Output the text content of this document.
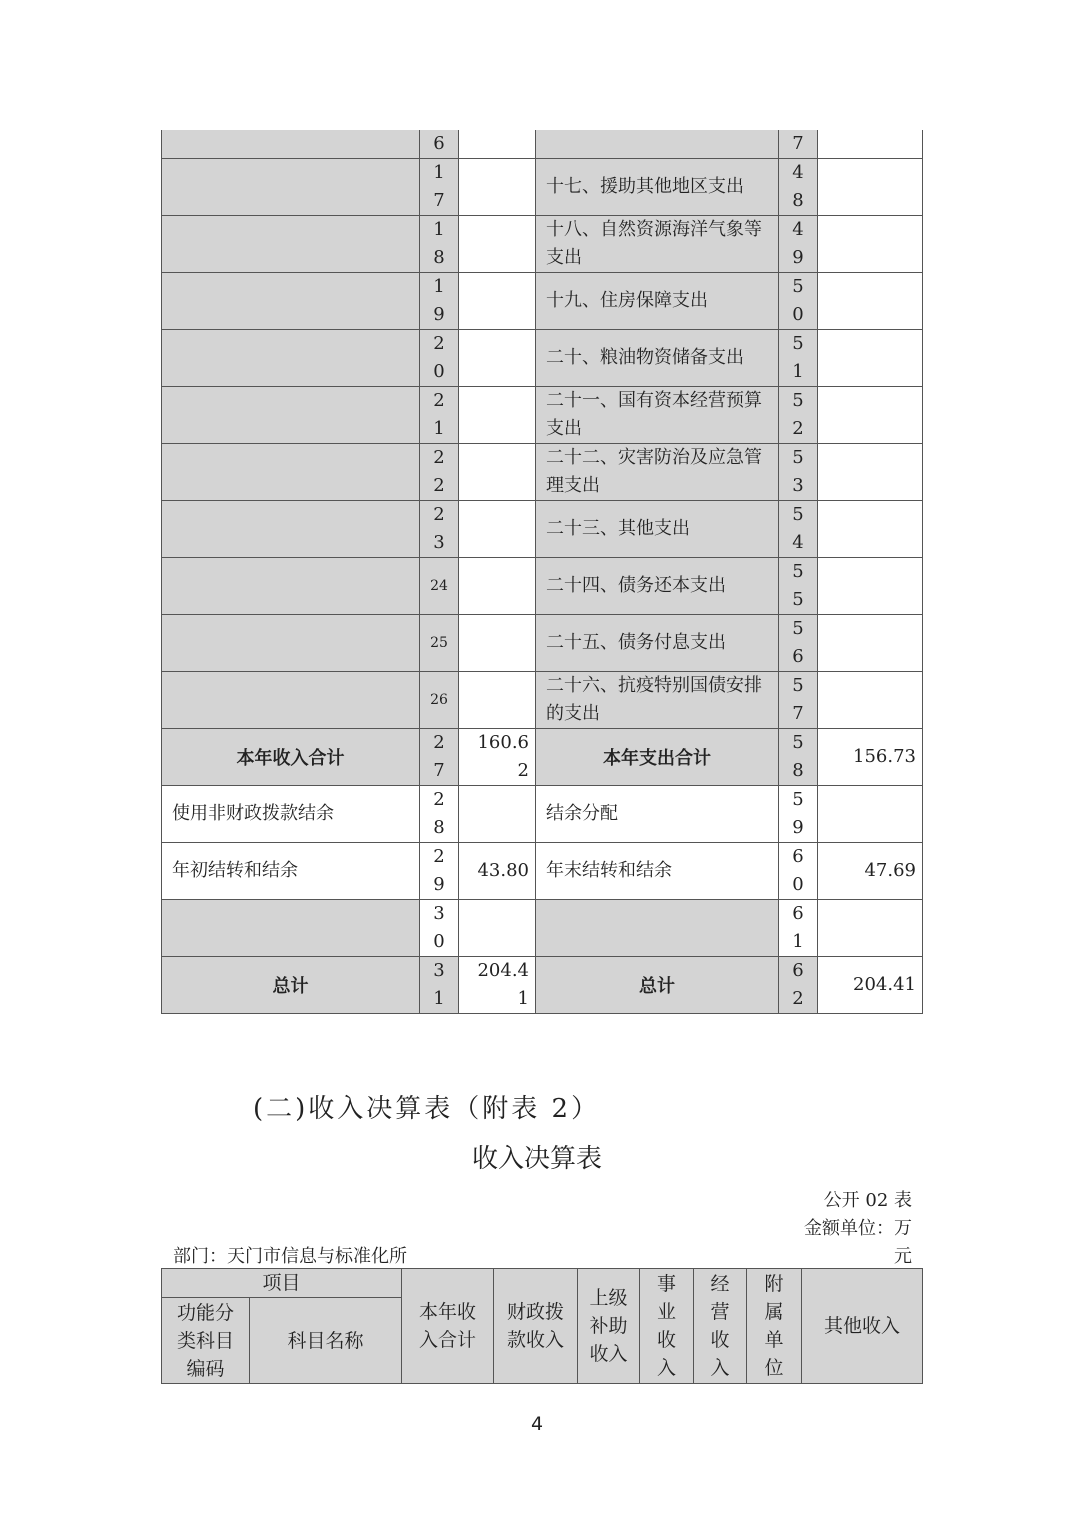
	6			7	
	17		十七、援助其他地区支出	48	
	18		十八、自然资源海洋气象等支出	49	
	19		十九、住房保障支出	50	
	20		二十、粮油物资储备支出	51	
	21		二十一、国有资本经营预算支出	52	
	22		二十二、灾害防治及应急管理支出	53	
	23		二十三、其他支出	54	
	24		二十四、债务还本支出	55	
	25		二十五、债务付息支出	56	
	26		二十六、抗疫特别国债安排的支出	57	
本年收入合计	27	160.62	本年支出合计	58	156.73
使用非财政拨款结余	28		结余分配	59	
年初结转和结余	29	43.80	年末结转和结余	60	47.69
	30			61	
总计	31	204.41	总计	62	204.41
(二)收入决算表（附表 2）
收入决算表
公开 02 表
金额单位：万
元
部门：天门市信息与标准化所
项目		本年收入合计	财政拨款收入	上级补助收入	事业收入	经营收入	附属单位	其他收入
功能分类科目编码	科目名称							
4
